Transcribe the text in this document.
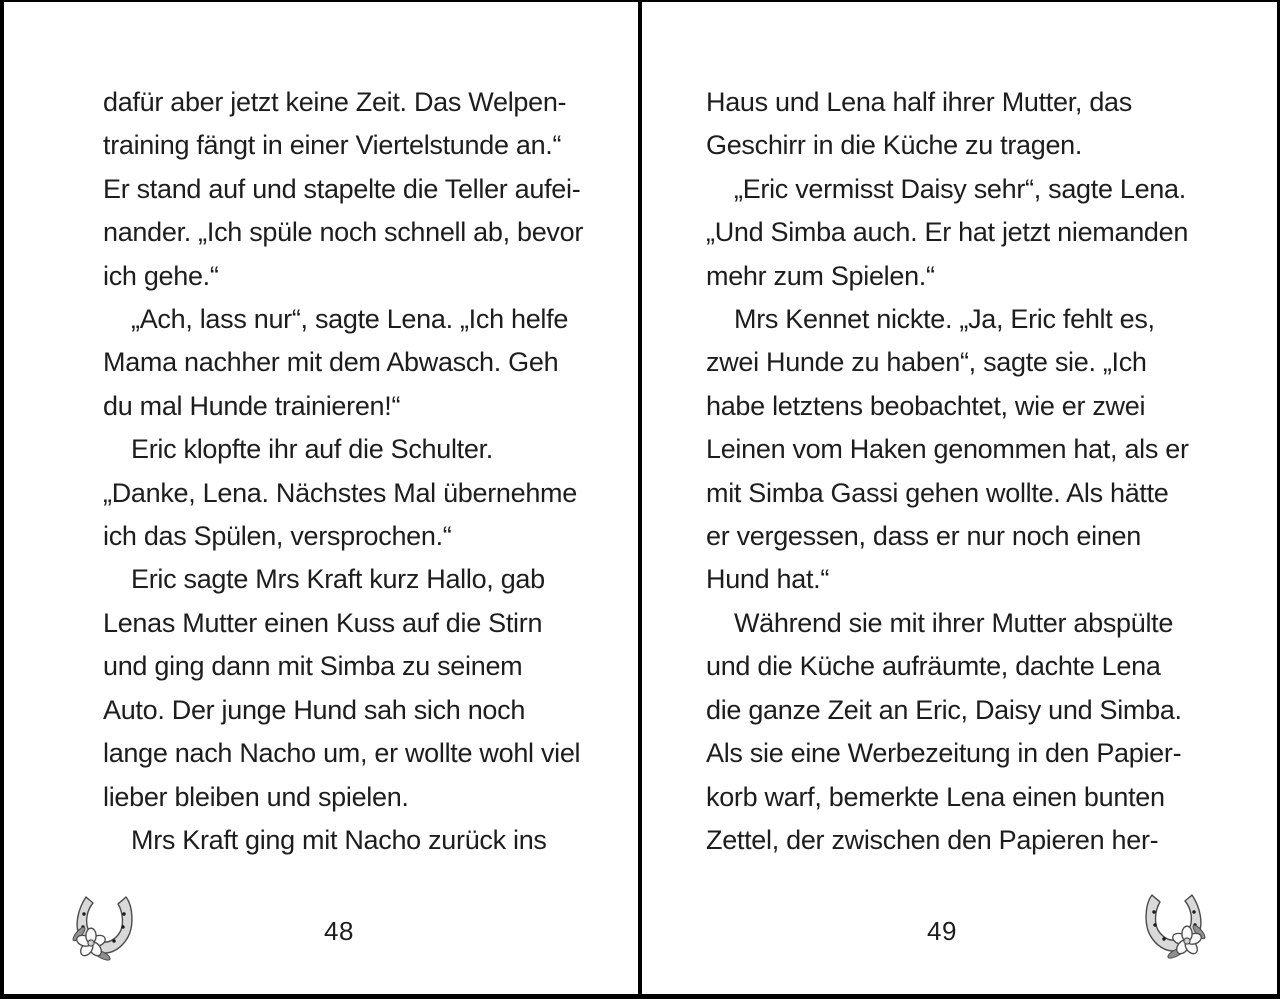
dafür aber jetzt keine Zeit. Das Welpen-

training fängt in einer Viertelstunde an.“

Er stand auf und stapelte die Teller aufei-

nander. „Ich spüle noch schnell ab, bevor

ich gehe.“

„Ach, lass nur“, sagte Lena. „Ich helfe

Mama nachher mit dem Abwasch. Geh

du mal Hunde trainieren!“

Eric klopfte ihr auf die Schulter.

„Danke, Lena. Nächstes Mal übernehme

ich das Spülen, versprochen.“

Eric sagte Mrs Kraft kurz Hallo, gab

Lenas Mutter einen Kuss auf die Stirn

und ging dann mit Simba zu seinem

Auto. Der junge Hund sah sich noch

lange nach Nacho um, er wollte wohl viel

lieber bleiben und spielen.

Mrs Kraft ging mit Nacho zurück ins

Haus und Lena half ihrer Mutter, das

Geschirr in die Küche zu tragen.

„Eric vermisst Daisy sehr“, sagte Lena.

„Und Simba auch. Er hat jetzt niemanden

mehr zum Spielen.“

Mrs Kennet nickte. „Ja, Eric fehlt es,

zwei Hunde zu haben“, sagte sie. „Ich

habe letztens beobachtet, wie er zwei

Leinen vom Haken genommen hat, als er

mit Simba Gassi gehen wollte. Als hätte

er vergessen, dass er nur noch einen

Hund hat.“

Während sie mit ihrer Mutter abspülte

und die Küche aufräumte, dachte Lena

die ganze Zeit an Eric, Daisy und Simba.

Als sie eine Werbezeitung in den Papier-

korb warf, bemerkte Lena einen bunten

Zettel, der zwischen den Papieren her-

48	49
